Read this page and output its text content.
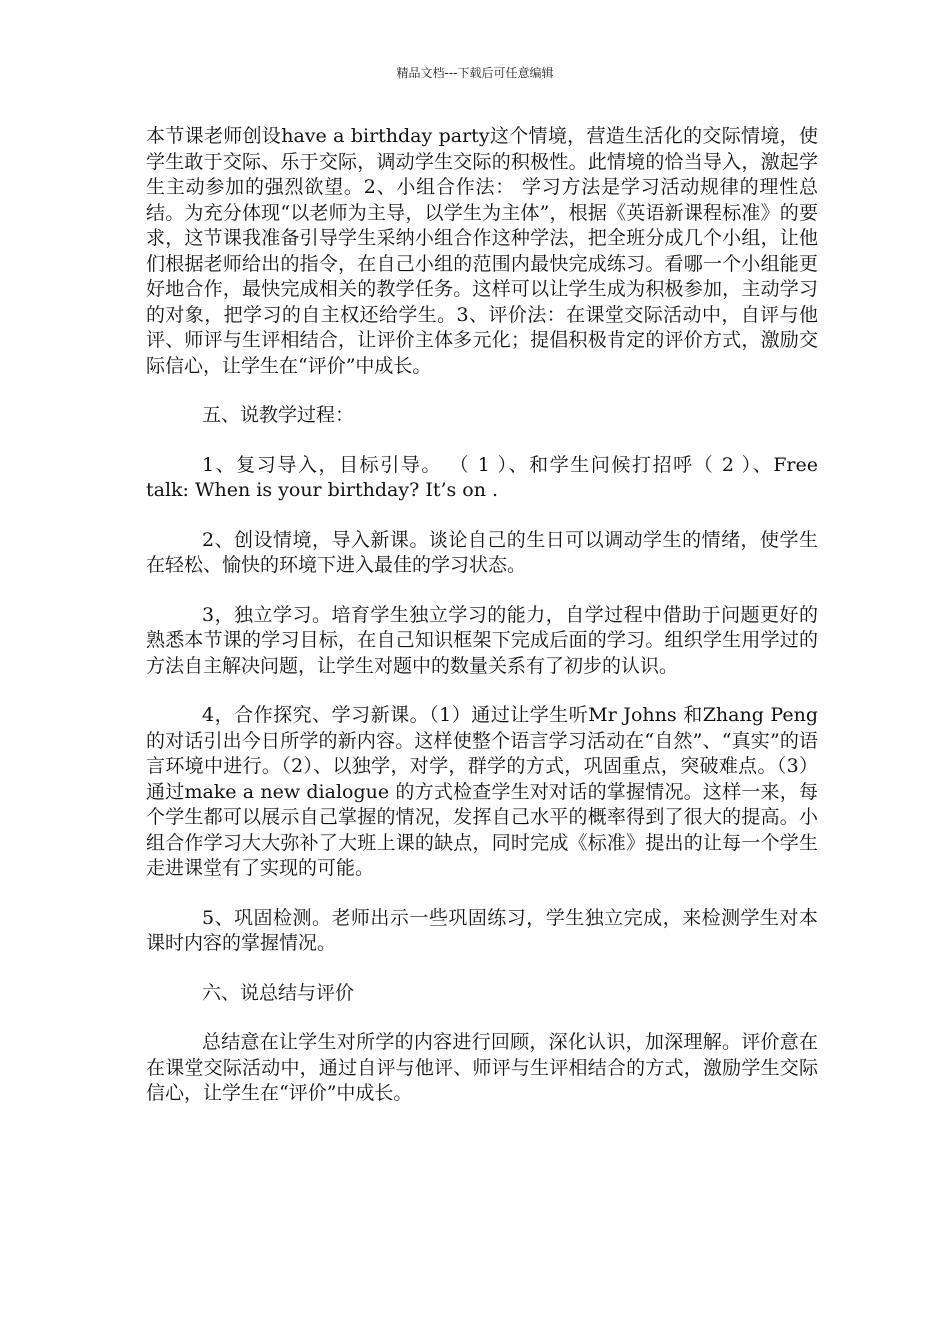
精品文档---下载后可任意编辑

本节课老师创设have a birthday party这个情境，营造生活化的交际情境，使学生敢于交际、乐于交际，调动学生交际的积极性。此情境的恰当导入，激起学生主动参加的强烈欲望。2、小组合作法： 学习方法是学习活动规律的理性总结。为充分体现“以老师为主导，以学生为主体”，根据《英语新课程标准》的要求，这节课我准备引导学生采纳小组合作这种学法，把全班分成几个小组，让他们根据老师给出的指令，在自己小组的范围内最快完成练习。看哪一个小组能更好地合作，最快完成相关的教学任务。这样可以让学生成为积极参加，主动学习的对象，把学习的自主权还给学生。3、评价法：在课堂交际活动中，自评与他评、师评与生评相结合，让评价主体多元化；提倡积极肯定的评价方式，激励交际信心，让学生在“评价”中成长。

五、说教学过程：

1、复习导入，目标引导。 （ 1 ）、和学生问候打招呼（ 2 ）、Free talk: When is your birthday? It’s on .

2、创设情境，导入新课。谈论自己的生日可以调动学生的情绪，使学生在轻松、愉快的环境下进入最佳的学习状态。

3，独立学习。培育学生独立学习的能力，自学过程中借助于问题更好的熟悉本节课的学习目标，在自己知识框架下完成后面的学习。组织学生用学过的方法自主解决问题，让学生对题中的数量关系有了初步的认识。

4，合作探究、学习新课。（1）通过让学生听Mr Johns 和Zhang Peng的对话引出今日所学的新内容。这样使整个语言学习活动在“自然”、“真实”的语言环境中进行。（2）、以独学，对学，群学的方式，巩固重点，突破难点。（3）通过make a new dialogue 的方式检查学生对对话的掌握情况。这样一来，每个学生都可以展示自己掌握的情况，发挥自己水平的概率得到了很大的提高。小组合作学习大大弥补了大班上课的缺点，同时完成《标准》提出的让每一个学生走进课堂有了实现的可能。

5、巩固检测。老师出示一些巩固练习，学生独立完成，来检测学生对本课时内容的掌握情况。

六、说总结与评价

总结意在让学生对所学的内容进行回顾，深化认识，加深理解。评价意在在课堂交际活动中，通过自评与他评、师评与生评相结合的方式，激励学生交际信心，让学生在“评价”中成长。
